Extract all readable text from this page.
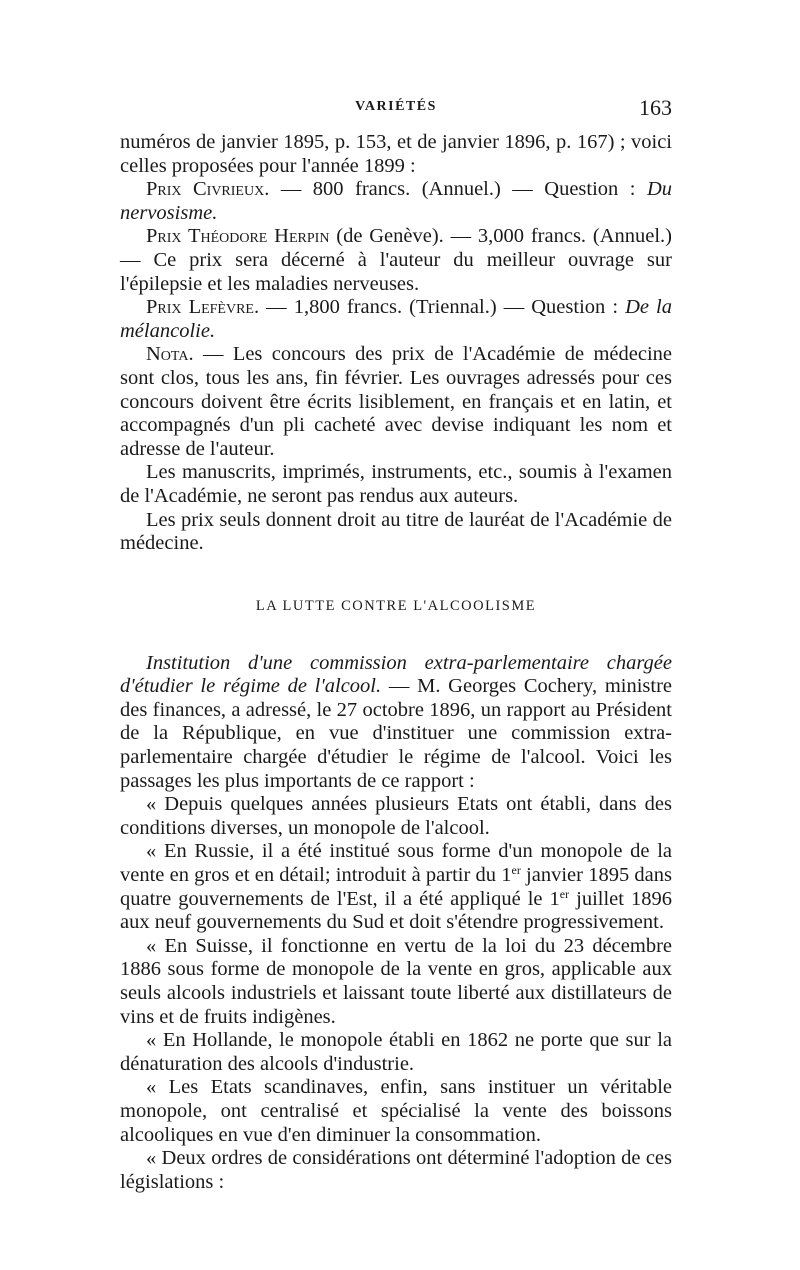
VARIÉTÉS	163

numéros de janvier 1895, p. 153, et de janvier 1896, p. 167) ; voici celles proposées pour l'année 1899 :

Prix Civrieux. — 800 francs. (Annuel.) — Question : Du nervosisme.

Prix Théodore Herpin (de Genève). — 3,000 francs. (Annuel.) — Ce prix sera décerné à l'auteur du meilleur ouvrage sur l'épilepsie et les maladies nerveuses.

Prix Lefèvre. — 1,800 francs. (Triennal.) — Question : De la mélancolie.

Nota. — Les concours des prix de l'Académie de médecine sont clos, tous les ans, fin février. Les ouvrages adressés pour ces concours doivent être écrits lisiblement, en français et en latin, et accompagnés d'un pli cacheté avec devise indiquant les nom et adresse de l'auteur.

Les manuscrits, imprimés, instruments, etc., soumis à l'examen de l'Académie, ne seront pas rendus aux auteurs.

Les prix seuls donnent droit au titre de lauréat de l'Académie de médecine.

LA LUTTE CONTRE L'ALCOOLISME

Institution d'une commission extra-parlementaire chargée d'étudier le régime de l'alcool. — M. Georges Cochery, ministre des finances, a adressé, le 27 octobre 1896, un rapport au Président de la République, en vue d'instituer une commission extra-parlementaire chargée d'étudier le régime de l'alcool. Voici les passages les plus importants de ce rapport :

« Depuis quelques années plusieurs Etats ont établi, dans des conditions diverses, un monopole de l'alcool.

« En Russie, il a été institué sous forme d'un monopole de la vente en gros et en détail; introduit à partir du 1er janvier 1895 dans quatre gouvernements de l'Est, il a été appliqué le 1er juillet 1896 aux neuf gouvernements du Sud et doit s'étendre progressivement.

« En Suisse, il fonctionne en vertu de la loi du 23 décembre 1886 sous forme de monopole de la vente en gros, applicable aux seuls alcools industriels et laissant toute liberté aux distillateurs de vins et de fruits indigènes.

« En Hollande, le monopole établi en 1862 ne porte que sur la dénaturation des alcools d'industrie.

« Les Etats scandinaves, enfin, sans instituer un véritable monopole, ont centralisé et spécialisé la vente des boissons alcooliques en vue d'en diminuer la consommation.

« Deux ordres de considérations ont déterminé l'adoption de ces législations :
